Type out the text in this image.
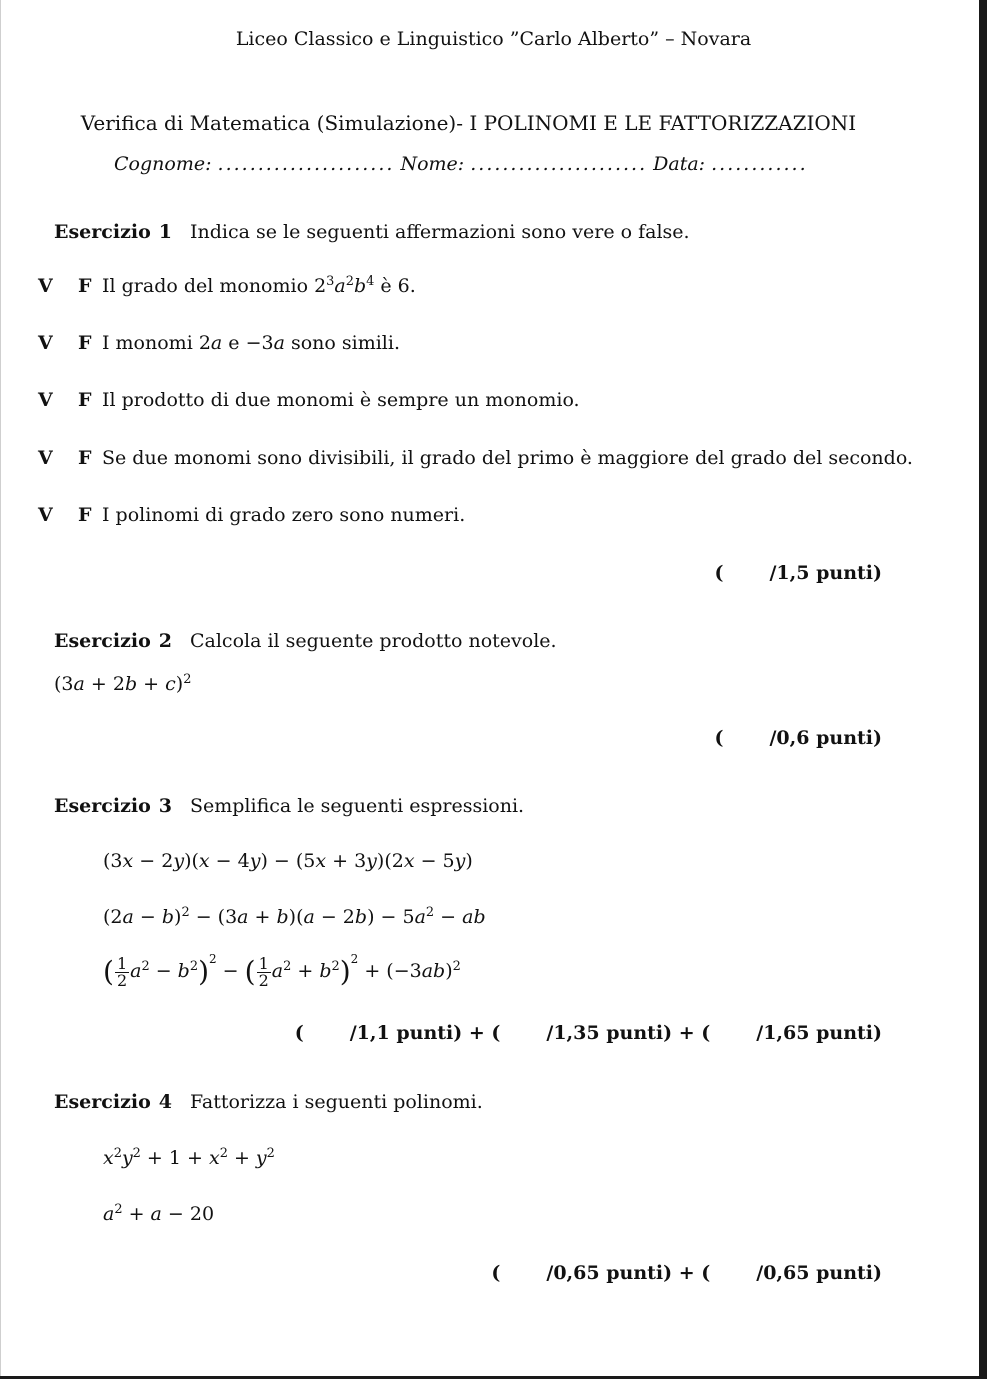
Liceo Classico e Linguistico ”Carlo Alberto” – Novara
Verifica di Matematica (Simulazione)- I POLINOMI E LE FATTORIZZAZIONI
Cognome: ...................... Nome: ...................... Data: ............
Esercizio 1 Indica se le seguenti affermazioni sono vere o false.
V F Il grado del monomio $2^3a^2b^4$ è 6.
V F I monomi 2a e −3a sono simili.
V F Il prodotto di due monomi è sempre un monomio.
V F Se due monomi sono divisibili, il grado del primo è maggiore del grado del secondo.
V F I polinomi di grado zero sono numeri.
( /1,5 punti)
Esercizio 2 Calcola il seguente prodotto notevole.
$(3a + 2b + c)^2$
( /0,6 punti)
Esercizio 3 Semplifica le seguenti espressioni.
(3x − 2y)(x − 4y) − (5x + 3y)(2x − 5y)
$(2a - b)^2 - (3a + b)(a - 2b) - 5a^2$ − ab
( $\frac{1}{2} a^2 - b^2)^2$ − ( $\frac{1}{2} a^2 + b^2)^2 + (-3ab)^2$
( /1,1 punti) + ( /1,35 punti) + ( /1,65 punti)
Esercizio 4 Fattorizza i seguenti polinomi.
$x^2y^2 + 1 + x^2 + y^2$
$a^2 + a - 20$
( /0,65 punti) + ( /0,65 punti)
